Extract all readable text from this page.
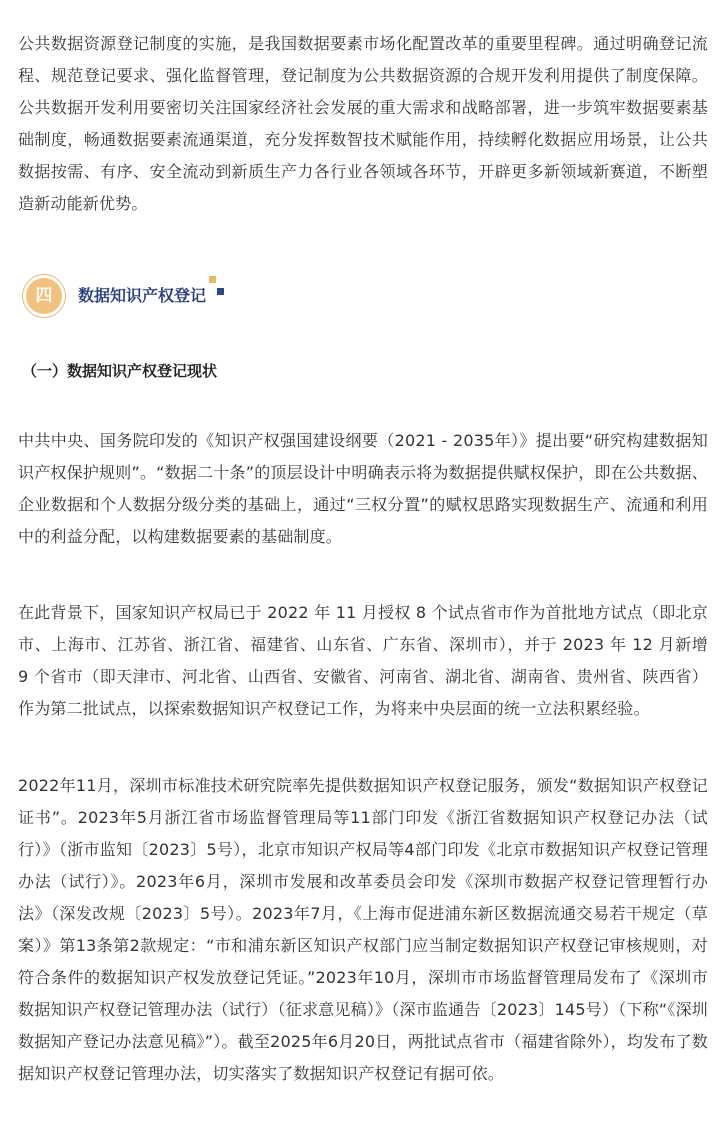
公共数据资源登记制度的实施，是我国数据要素市场化配置改革的重要里程碑。通过明确登记流程、规范登记要求、强化监督管理，登记制度为公共数据资源的合规开发利用提供了制度保障。公共数据开发利用要密切关注国家经济社会发展的重大需求和战略部署，进一步筑牢数据要素基础制度，畅通数据要素流通渠道，充分发挥数智技术赋能作用，持续孵化数据应用场景，让公共数据按需、有序、安全流动到新质生产力各行业各领域各环节，开辟更多新领域新赛道，不断塑造新动能新优势。

四	数据知识产权登记

（一）数据知识产权登记现状

中共中央、国务院印发的《知识产权强国建设纲要（2021 - 2035年）》提出要“研究构建数据知识产权保护规则”。“数据二十条”的顶层设计中明确表示将为数据提供赋权保护，即在公共数据、企业数据和个人数据分级分类的基础上，通过“三权分置”的赋权思路实现数据生产、流通和利用中的利益分配，以构建数据要素的基础制度。

在此背景下，国家知识产权局已于 2022 年 11 月授权 8 个试点省市作为首批地方试点（即北京市、上海市、江苏省、浙江省、福建省、山东省、广东省、深圳市），并于 2023 年 12 月新增 9 个省市（即天津市、河北省、山西省、安徽省、河南省、湖北省、湖南省、贵州省、陕西省）作为第二批试点，以探索数据知识产权登记工作，为将来中央层面的统一立法积累经验。

2022年11月，深圳市标准技术研究院率先提供数据知识产权登记服务，颁发“数据知识产权登记证书”。2023年5月浙江省市场监督管理局等11部门印发《浙江省数据知识产权登记办法（试行）》（浙市监知〔2023〕5号），北京市知识产权局等4部门印发《北京市数据知识产权登记管理办法（试行）》。2023年6月，深圳市发展和改革委员会印发《深圳市数据产权登记管理暂行办法》（深发改规〔2023〕5号）。2023年7月，《上海市促进浦东新区数据流通交易若干规定（草案）》第13条第2款规定：“市和浦东新区知识产权部门应当制定数据知识产权登记审核规则，对符合条件的数据知识产权发放登记凭证。”2023年10月，深圳市市场监督管理局发布了《深圳市数据知识产权登记管理办法（试行）（征求意见稿）》（深市监通告〔2023〕145号）（下称“《深圳数据知产登记办法意见稿》”）。截至2025年6月20日，两批试点省市（福建省除外），均发布了数据知识产权登记管理办法，切实落实了数据知识产权登记有据可依。
